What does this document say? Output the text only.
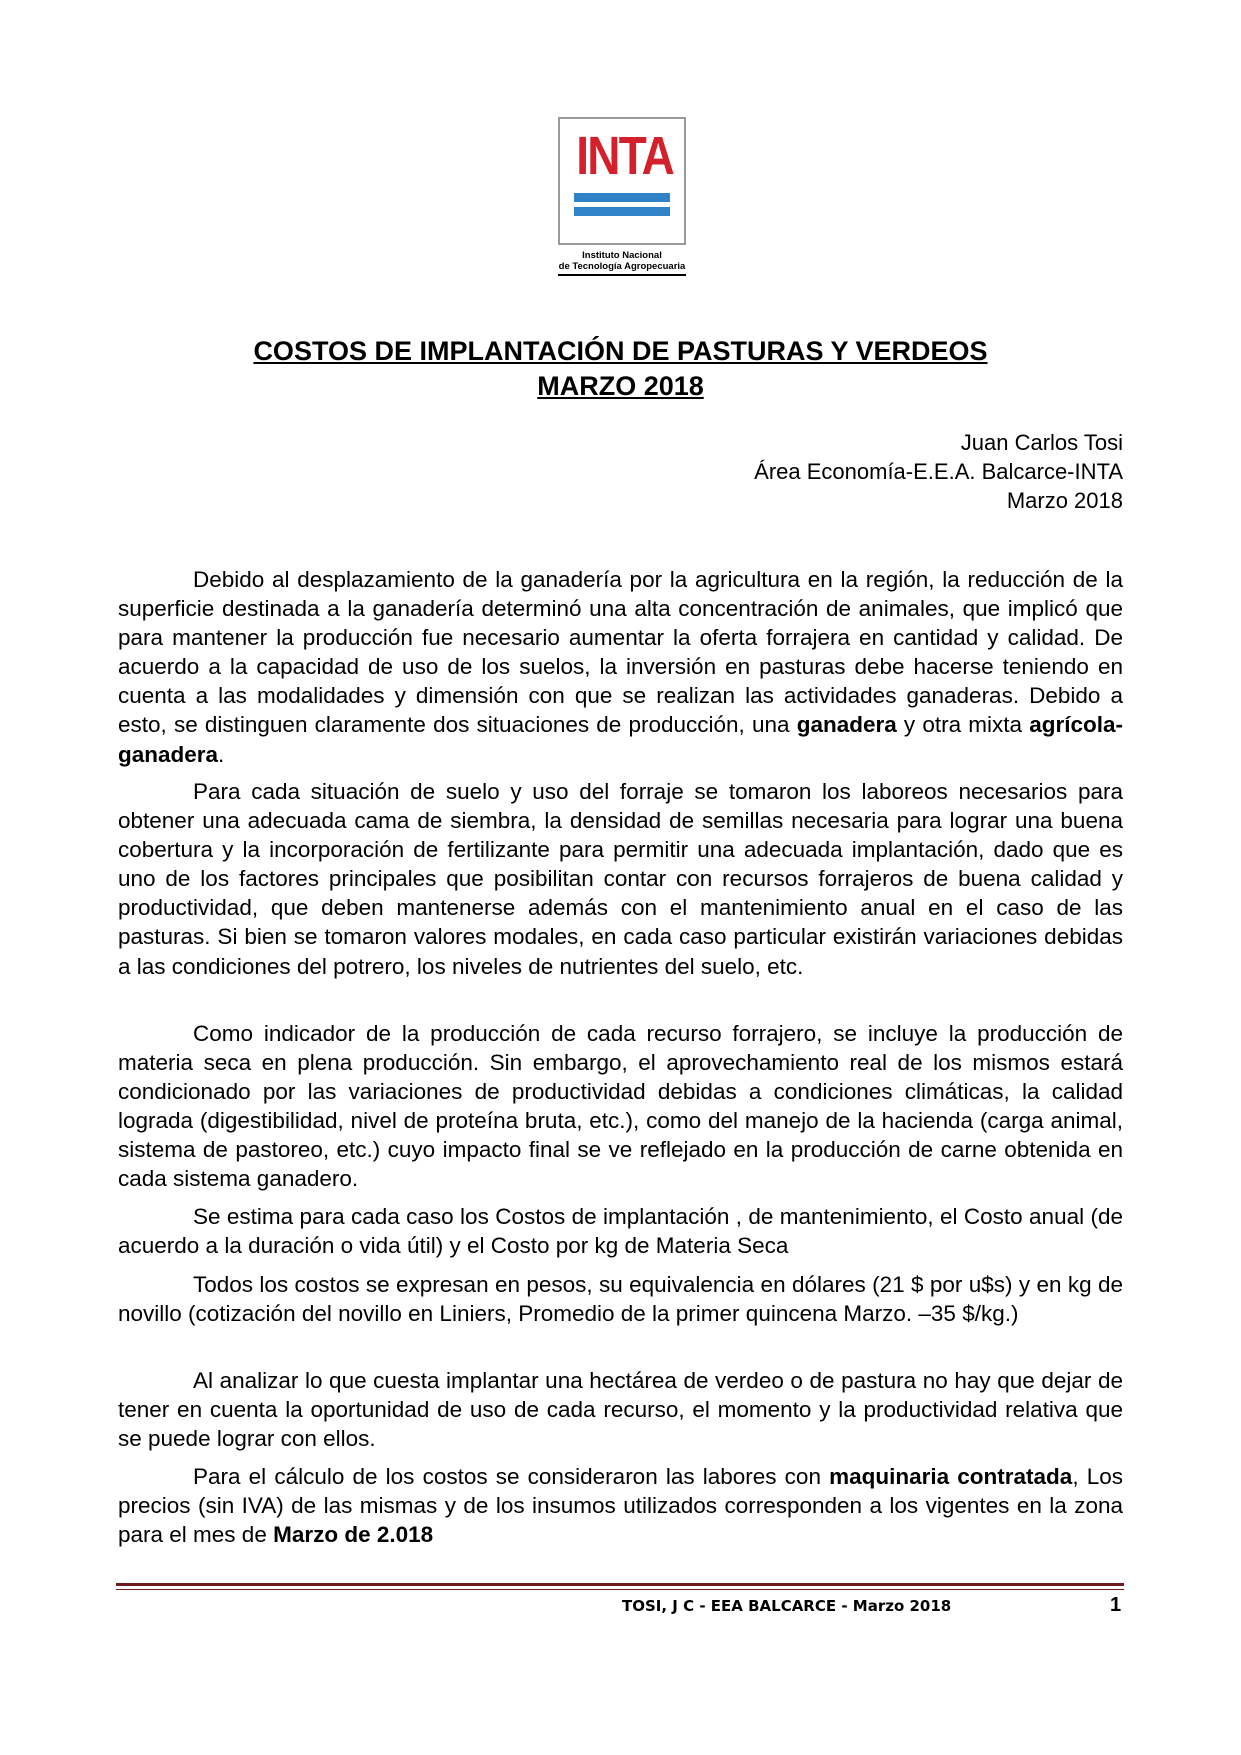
INTA
Instituto Nacional
de Tecnología Agropecuaria
COSTOS DE IMPLANTACIÓN DE PASTURAS Y VERDEOS
MARZO 2018
Juan Carlos Tosi
Área Economía-E.E.A. Balcarce-INTA
Marzo 2018
Debido al desplazamiento de la ganadería por la agricultura en la región, la reducción de la superficie destinada a la ganadería determinó una alta concentración de animales, que implicó que para mantener la producción fue necesario aumentar la oferta forrajera en cantidad y calidad. De acuerdo a la capacidad de uso de los suelos, la inversión en pasturas debe hacerse teniendo en cuenta a las modalidades y dimensión con que se realizan las actividades ganaderas. Debido a esto, se distinguen claramente dos situaciones de producción, una ganadera y otra mixta agrícola-ganadera.
Para cada situación de suelo y uso del forraje se tomaron los laboreos necesarios para obtener una adecuada cama de siembra, la densidad de semillas necesaria para lograr una buena cobertura y la incorporación de fertilizante para permitir una adecuada implantación, dado que es uno de los factores principales que posibilitan contar con recursos forrajeros de buena calidad y productividad, que deben mantenerse además con el mantenimiento anual en el caso de las pasturas. Si bien se tomaron valores modales, en cada caso particular existirán variaciones debidas a las condiciones del potrero, los niveles de nutrientes del suelo, etc.
Como indicador de la producción de cada recurso forrajero, se incluye la producción de materia seca en plena producción. Sin embargo, el aprovechamiento real de los mismos estará condicionado por las variaciones de productividad debidas a condiciones climáticas, la calidad lograda (digestibilidad, nivel de proteína bruta, etc.), como del manejo de la hacienda (carga animal, sistema de pastoreo, etc.) cuyo impacto final se ve reflejado en la producción de carne obtenida en cada sistema ganadero.
Se estima para cada caso los Costos de implantación , de mantenimiento, el Costo anual (de acuerdo a la duración o vida útil) y el Costo por kg de Materia Seca
Todos los costos se expresan en pesos, su equivalencia en dólares (21 $ por u$s) y en kg de novillo (cotización del novillo en Liniers, Promedio de la primer quincena Marzo. –35 $/kg.)
Al analizar lo que cuesta implantar una hectárea de verdeo o de pastura no hay que dejar de tener en cuenta la oportunidad de uso de cada recurso, el momento y la productividad relativa que se puede lograr con ellos.
Para el cálculo de los costos se consideraron las labores con maquinaria contratada, Los precios (sin IVA) de las mismas y de los insumos utilizados corresponden a los vigentes en la zona para el mes de Marzo de 2.018
TOSI, J C - EEA BALCARCE - Marzo 2018	1
